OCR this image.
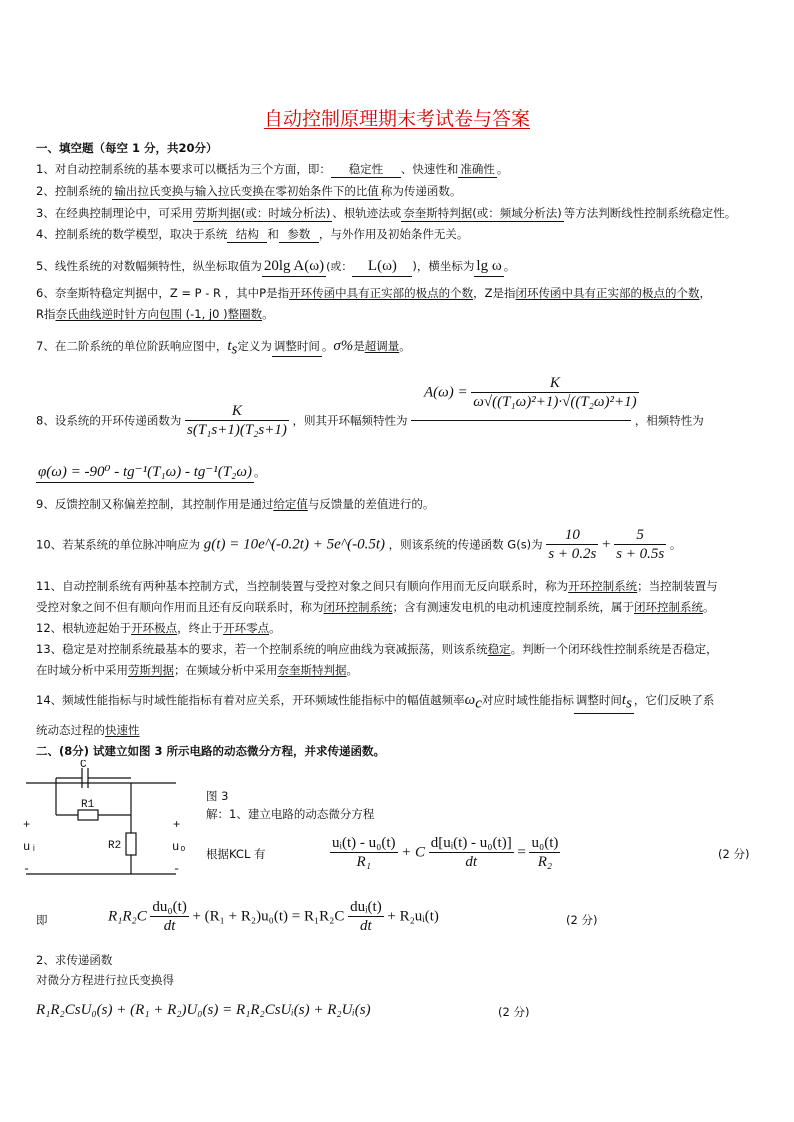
自动控制原理期末考试卷与答案
一、填空题（每空 1 分，共20分）
1、对自动控制系统的基本要求可以概括为三个方面，即： 稳定性 、快速性和 准确性 。
2、控制系统的 输出拉氏变换与输入拉氏变换在零初始条件下的比值 称为传递函数。
3、在经典控制理论中，可采用 劳斯判据(或：时域分析法) 、根轨迹法或 奈奎斯特判据(或：频域分析法) 等方法判断线性控制系统稳定性。
4、控制系统的数学模型，取决于系统 结构 和 参数 ，与外作用及初始条件无关。
5、线性系统的对数幅频特性，纵坐标取值为 20lg A(ω) (或： L(ω) )，横坐标为 lg ω 。
6、奈奎斯特稳定判据中，Z = P - R ，其中P是指开环传函中具有正实部的极点的个数，Z是指闭环传函中具有正实部的极点的个数，
R指奈氏曲线逆时针方向包围 (-1, j0 )整圈数。
7、在二阶系统的单位阶跃响应图中，$t_s$定义为 调整时间 。σ%是超调量。
$A(\omega) = \frac{K}{\text{ω√((T₁ω)²+1)·√((T₂ω)²+1)}}$
8、设系统的开环传递函数为 $\frac{K}{\text{s(T₁s+1)(T₂s+1)}}$ ，则其开环幅频特性为	，相频特性为
φ(ω) = -90⁰ - tg⁻¹(T₁ω) - tg⁻¹(T₂ω) 。
9、反馈控制又称偏差控制，其控制作用是通过给定值与反馈量的差值进行的。
10、若某系统的单位脉冲响应为 g(t) = 10e^(-0.2t) + 5e^(-0.5t) ，则该系统的传递函数 G(s)为 $\frac{10}{s + 0.2s} + \frac{5}{s + 0.5s}$ 。
11、自动控制系统有两种基本控制方式，当控制装置与受控对象之间只有顺向作用而无反向联系时，称为开环控制系统；当控制装置与
受控对象之间不但有顺向作用而且还有反向联系时，称为闭环控制系统；含有测速发电机的电动机速度控制系统，属于闭环控制系统。
12、根轨迹起始于开环极点，终止于开环零点。
13、稳定是对控制系统最基本的要求，若一个控制系统的响应曲线为衰减振荡，则该系统稳定。判断一个闭环线性控制系统是否稳定，
在时域分析中采用劳斯判据；在频域分析中采用奈奎斯特判据。
14、频域性能指标与时域性能指标有着对应关系，开环频域性能指标中的幅值越频率$\omega_c$对应时域性能指标 调整时间$t_s$ ，它们反映了系
统动态过程的快速性
二、(8分) 试建立如图 3 所示电路的动态微分方程，并求传递函数。
C
R1
R2
+	+
uᵢ	uₒ
-	-
图 3
解：1、建立电路的动态微分方程
根据KCL 有	$\frac{\text{uᵢ(t) - u₀(t)}}{\text{R₁}} + C \frac{\text{d[uᵢ(t) - u₀(t)]}}{dt} = \frac{\text{u₀(t)}}{\text{R₂}}$	(2 分)
即	$R_1R_2C \frac{\text{du₀(t)}}{dt} + (R_1 + R_2)u_0(t) = R_1R_2C \frac{\text{duᵢ(t)}}{dt}$ + R₂uᵢ(t)	(2 分)
2、求传递函数
对微分方程进行拉氏变换得
R₁R₂CsU₀(s) + (R₁ + R₂)U₀(s) = R₁R₂CsUᵢ(s) + R₂Uᵢ(s)	(2 分)
